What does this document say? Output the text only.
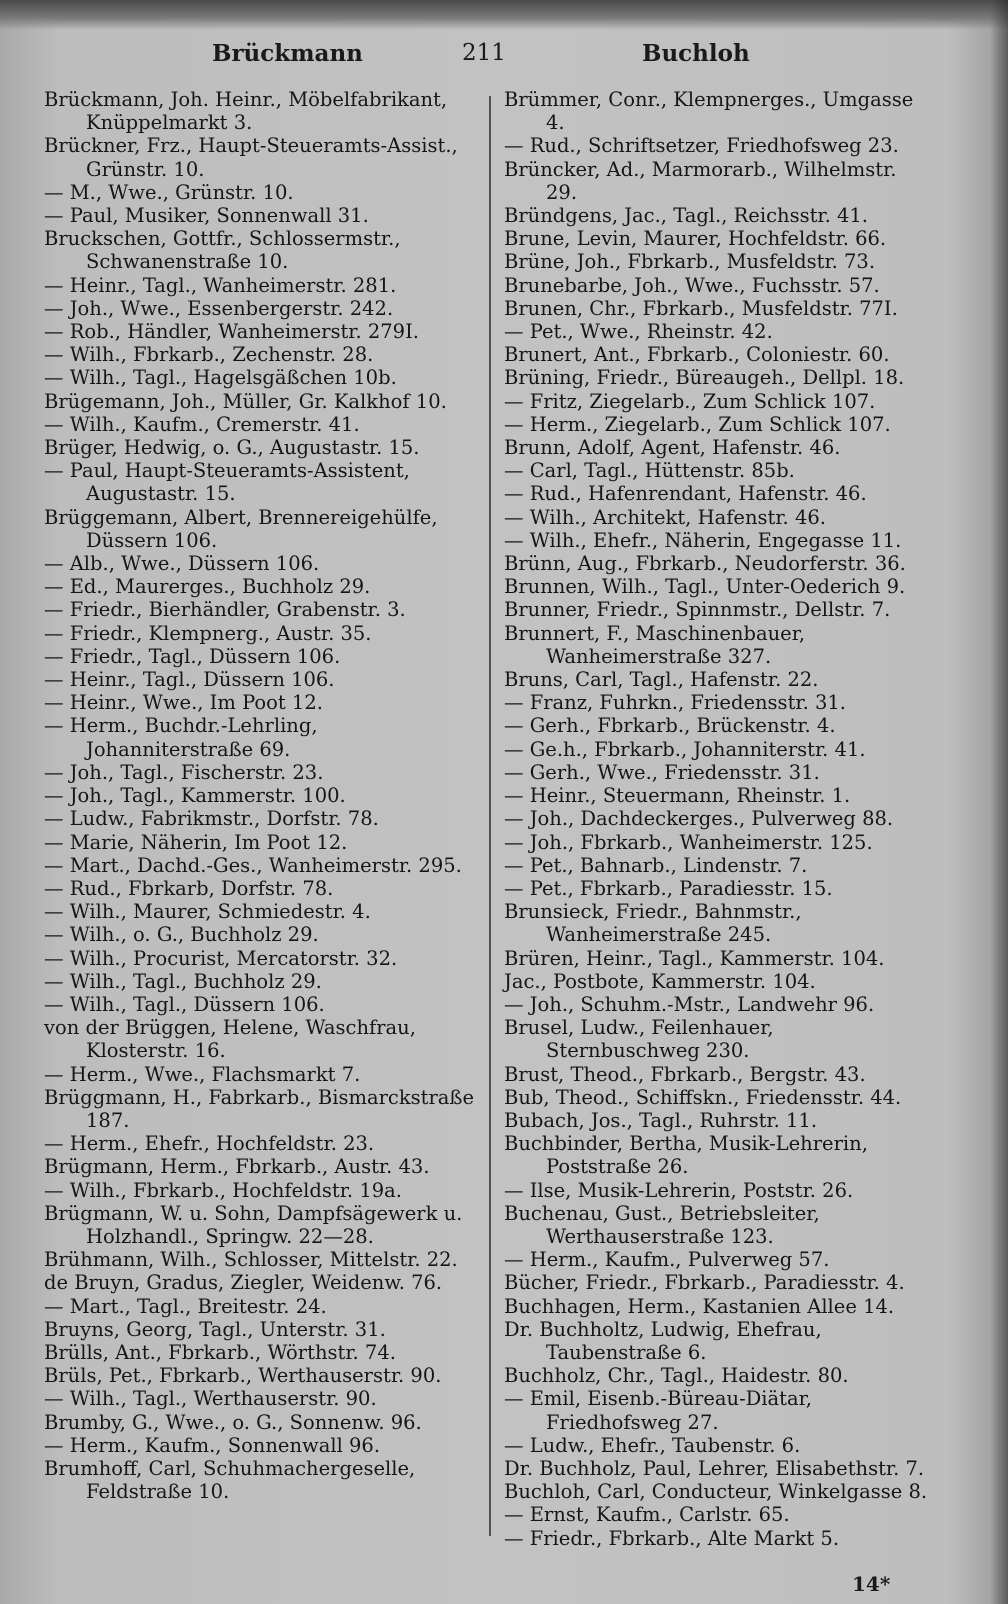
Brückmann	211	Buchloh

Brückmann, Joh. Heinr., Möbelfabrikant, Knüppelmarkt 3.

Brückner, Frz., Haupt-Steueramts-Assist., Grünstr. 10.

— M., Wwe., Grünstr. 10.

— Paul, Musiker, Sonnenwall 31.

Bruckschen, Gottfr., Schlossermstr., Schwanenstraße 10.

— Heinr., Tagl., Wanheimerstr. 281.

— Joh., Wwe., Essenbergerstr. 242.

— Rob., Händler, Wanheimerstr. 279I.

— Wilh., Fbrkarb., Zechenstr. 28.

— Wilh., Tagl., Hagelsgäßchen 10b.

Brügemann, Joh., Müller, Gr. Kalkhof 10.

— Wilh., Kaufm., Cremerstr. 41.

Brüger, Hedwig, o. G., Augustastr. 15.

— Paul, Haupt-Steueramts-Assistent, Augustastr. 15.

Brüggemann, Albert, Brennereigehülfe, Düssern 106.

— Alb., Wwe., Düssern 106.

— Ed., Maurerges., Buchholz 29.

— Friedr., Bierhändler, Grabenstr. 3.

— Friedr., Klempnerg., Austr. 35.

— Friedr., Tagl., Düssern 106.

— Heinr., Tagl., Düssern 106.

— Heinr., Wwe., Im Poot 12.

— Herm., Buchdr.-Lehrling, Johanniterstraße 69.

— Joh., Tagl., Fischerstr. 23.

— Joh., Tagl., Kammerstr. 100.

— Ludw., Fabrikmstr., Dorfstr. 78.

— Marie, Näherin, Im Poot 12.

— Mart., Dachd.-Ges., Wanheimerstr. 295.

— Rud., Fbrkarb, Dorfstr. 78.

— Wilh., Maurer, Schmiedestr. 4.

— Wilh., o. G., Buchholz 29.

— Wilh., Procurist, Mercatorstr. 32.

— Wilh., Tagl., Buchholz 29.

— Wilh., Tagl., Düssern 106.

von der Brüggen, Helene, Waschfrau, Klosterstr. 16.

— Herm., Wwe., Flachsmarkt 7.

Brüggmann, H., Fabrkarb., Bismarckstraße 187.

— Herm., Ehefr., Hochfeldstr. 23.

Brügmann, Herm., Fbrkarb., Austr. 43.

— Wilh., Fbrkarb., Hochfeldstr. 19a.

Brügmann, W. u. Sohn, Dampfsägewerk u. Holzhandl., Springw. 22—28.

Brühmann, Wilh., Schlosser, Mittelstr. 22.

de Bruyn, Gradus, Ziegler, Weidenw. 76.

— Mart., Tagl., Breitestr. 24.

Bruyns, Georg, Tagl., Unterstr. 31.

Brülls, Ant., Fbrkarb., Wörthstr. 74.

Brüls, Pet., Fbrkarb., Werthauserstr. 90.

— Wilh., Tagl., Werthauserstr. 90.

Brumby, G., Wwe., o. G., Sonnenw. 96.

— Herm., Kaufm., Sonnenwall 96.

Brumhoff, Carl, Schuhmachergeselle, Feldstraße 10.

Brümmer, Conr., Klempnerges., Umgasse 4.

— Rud., Schriftsetzer, Friedhofsweg 23.

Brüncker, Ad., Marmorarb., Wilhelmstr. 29.

Bründgens, Jac., Tagl., Reichsstr. 41.

Brune, Levin, Maurer, Hochfeldstr. 66.

Brüne, Joh., Fbrkarb., Musfeldstr. 73.

Brunebarbe, Joh., Wwe., Fuchsstr. 57.

Brunen, Chr., Fbrkarb., Musfeldstr. 77I.

— Pet., Wwe., Rheinstr. 42.

Brunert, Ant., Fbrkarb., Coloniestr. 60.

Brüning, Friedr., Büreaugeh., Dellpl. 18.

— Fritz, Ziegelarb., Zum Schlick 107.

— Herm., Ziegelarb., Zum Schlick 107.

Brunn, Adolf, Agent, Hafenstr. 46.

— Carl, Tagl., Hüttenstr. 85b.

— Rud., Hafenrendant, Hafenstr. 46.

— Wilh., Architekt, Hafenstr. 46.

— Wilh., Ehefr., Näherin, Engegasse 11.

Brünn, Aug., Fbrkarb., Neudorferstr. 36.

Brunnen, Wilh., Tagl., Unter-Oederich 9.

Brunner, Friedr., Spinnmstr., Dellstr. 7.

Brunnert, F., Maschinenbauer, Wanheimerstraße 327.

Bruns, Carl, Tagl., Hafenstr. 22.

— Franz, Fuhrkn., Friedensstr. 31.

— Gerh., Fbrkarb., Brückenstr. 4.

— Ge.h., Fbrkarb., Johanniterstr. 41.

— Gerh., Wwe., Friedensstr. 31.

— Heinr., Steuermann, Rheinstr. 1.

— Joh., Dachdeckerges., Pulverweg 88.

— Joh., Fbrkarb., Wanheimerstr. 125.

— Pet., Bahnarb., Lindenstr. 7.

— Pet., Fbrkarb., Paradiesstr. 15.

Brunsieck, Friedr., Bahnmstr., Wanheimerstraße 245.

Brüren, Heinr., Tagl., Kammerstr. 104.

Jac., Postbote, Kammerstr. 104.

— Joh., Schuhm.-Mstr., Landwehr 96.

Brusel, Ludw., Feilenhauer, Sternbuschweg 230.

Brust, Theod., Fbrkarb., Bergstr. 43.

Bub, Theod., Schiffskn., Friedensstr. 44.

Bubach, Jos., Tagl., Ruhrstr. 11.

Buchbinder, Bertha, Musik-Lehrerin, Poststraße 26.

— Ilse, Musik-Lehrerin, Poststr. 26.

Buchenau, Gust., Betriebsleiter, Werthauserstraße 123.

— Herm., Kaufm., Pulverweg 57.

Bücher, Friedr., Fbrkarb., Paradiesstr. 4.

Buchhagen, Herm., Kastanien Allee 14.

Dr. Buchholtz, Ludwig, Ehefrau, Taubenstraße 6.

Buchholz, Chr., Tagl., Haidestr. 80.

— Emil, Eisenb.-Büreau-Diätar, Friedhofsweg 27.

— Ludw., Ehefr., Taubenstr. 6.

Dr. Buchholz, Paul, Lehrer, Elisabethstr. 7.

Buchloh, Carl, Conducteur, Winkelgasse 8.

— Ernst, Kaufm., Carlstr. 65.

— Friedr., Fbrkarb., Alte Markt 5.

14*
